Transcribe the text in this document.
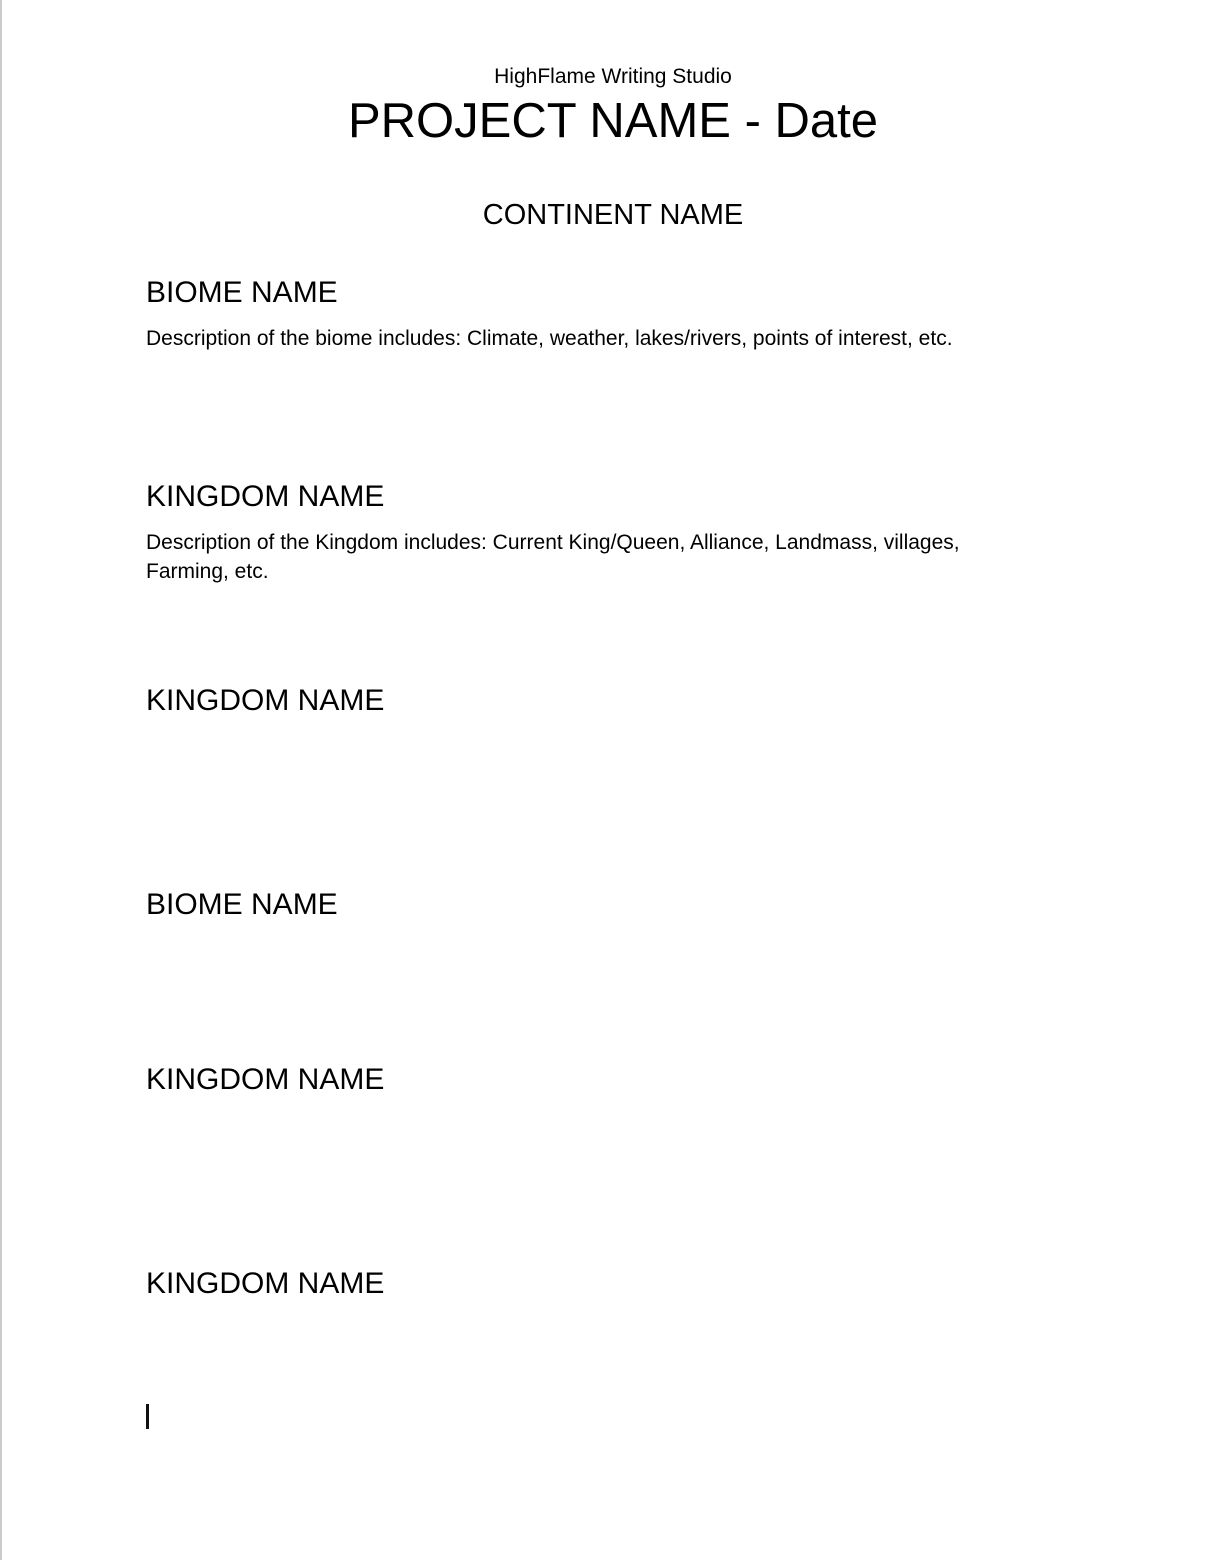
HighFlame Writing Studio
PROJECT NAME - Date
CONTINENT NAME
BIOME NAME
Description of the biome includes: Climate, weather, lakes/rivers, points of interest, etc.
KINGDOM NAME
Description of the Kingdom includes: Current King/Queen, Alliance, Landmass, villages, Farming, etc.
KINGDOM NAME
BIOME NAME
KINGDOM NAME
KINGDOM NAME
